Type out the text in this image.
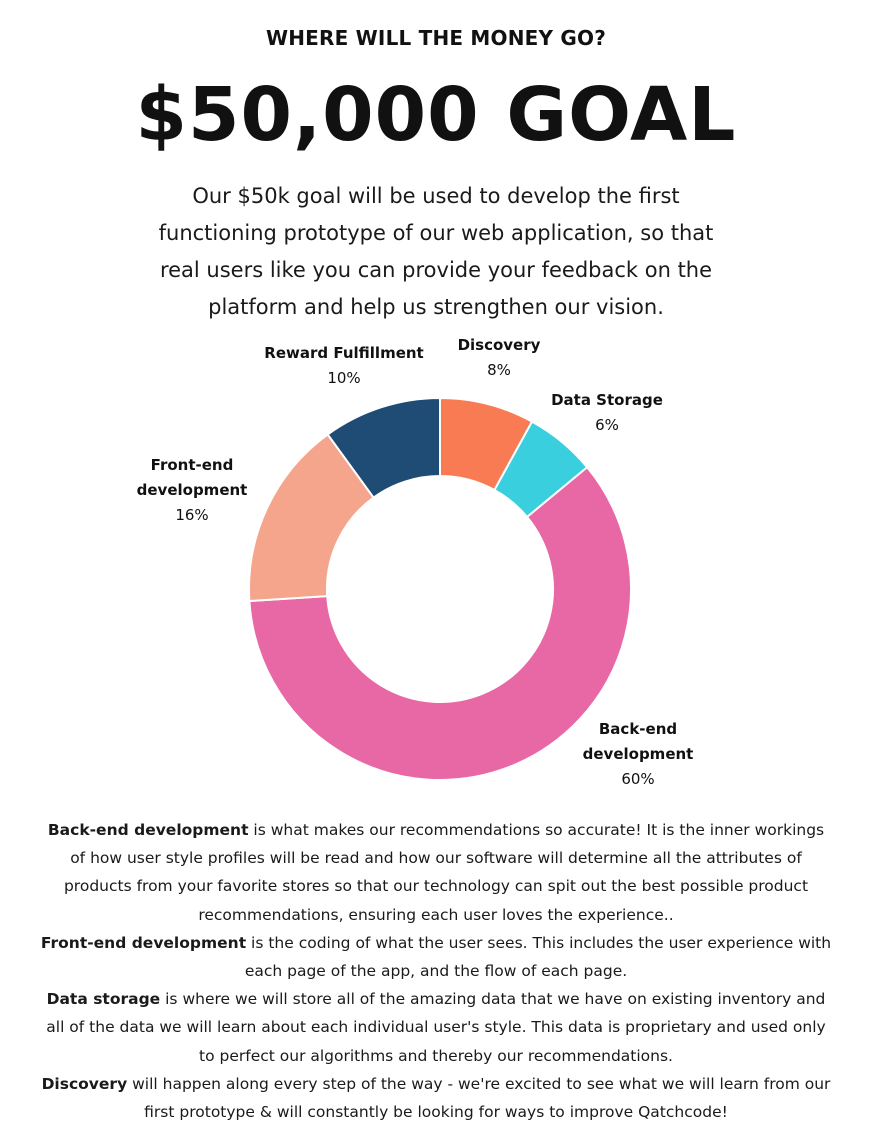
WHERE WILL THE MONEY GO?
$50,000 GOAL
Our $50k goal will be used to develop the first functioning prototype of our web application, so that real users like you can provide your feedback on the platform and help us strengthen our vision.
Discovery
8%
Data Storage
6%
Back-end development
60%
Front-end development
16%
Reward Fulfillment
10%

Back-end development is what makes our recommendations so accurate! It is the inner workings of how user style profiles will be read and how our software will determine all the attributes of products from your favorite stores so that our technology can spit out the best possible product recommendations, ensuring each user loves the experience..

Front-end development is the coding of what the user sees. This includes the user experience with each page of the app, and the flow of each page.

Data storage is where we will store all of the amazing data that we have on existing inventory and all of the data we will learn about each individual user's style. This data is proprietary and used only to perfect our algorithms and thereby our recommendations.

Discovery will happen along every step of the way - we're excited to see what we will learn from our first prototype & will constantly be looking for ways to improve Qatchcode!
